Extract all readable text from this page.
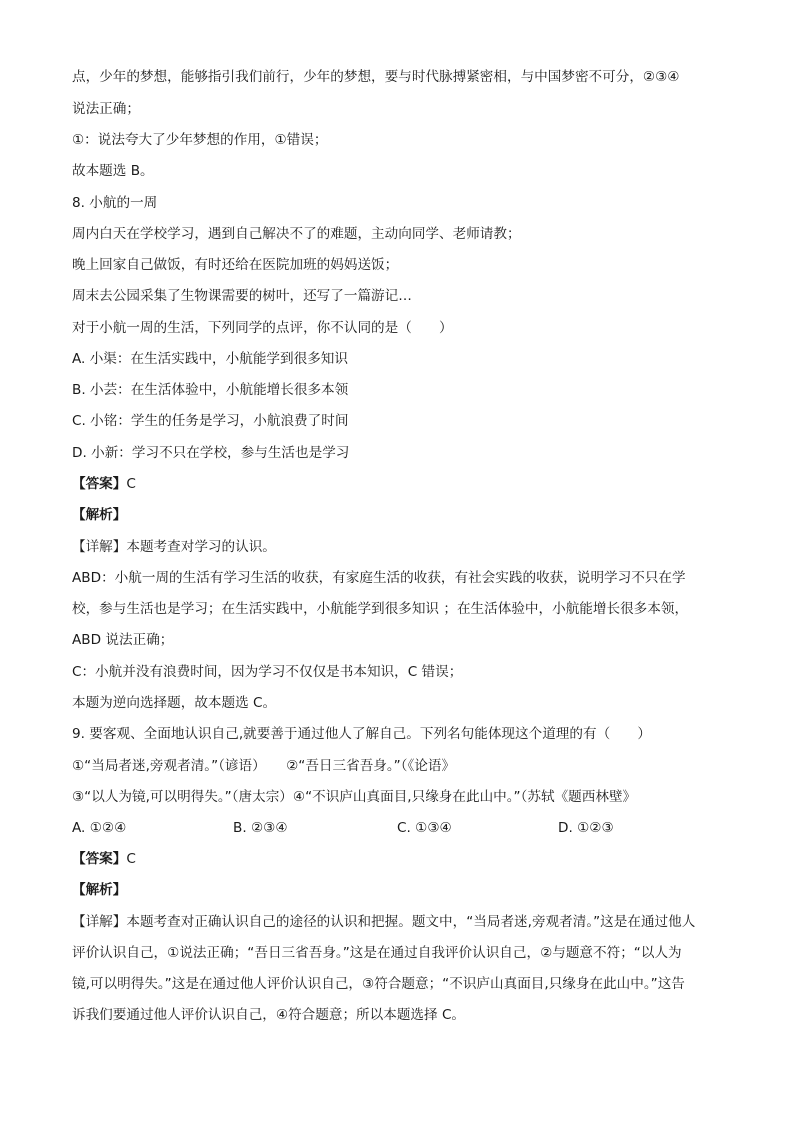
点，少年的梦想，能够指引我们前行，少年的梦想，要与时代脉搏紧密相，与中国梦密不可分，②③④
说法正确；
①：说法夸大了少年梦想的作用，①错误；
故本题选 B。
8. 小航的一周
周内白天在学校学习，遇到自己解决不了的难题，主动向同学、老师请教；
晚上回家自己做饭，有时还给在医院加班的妈妈送饭；
周末去公园采集了生物课需要的树叶，还写了一篇游记…
对于小航一周的生活，下列同学的点评，你不认同的是（　　）
A. 小渠：在生活实践中，小航能学到很多知识
B. 小芸：在生活体验中，小航能增长很多本领
C. 小铭：学生的任务是学习，小航浪费了时间
D. 小新：学习不只在学校，参与生活也是学习
【答案】C
【解析】
【详解】本题考查对学习的认识。
ABD：小航一周的生活有学习生活的收获，有家庭生活的收获，有社会实践的收获，说明学习不只在学
校，参与生活也是学习；在生活实践中，小航能学到很多知识 ；在生活体验中，小航能增长很多本领，
ABD 说法正确；
C：小航并没有浪费时间，因为学习不仅仅是书本知识，C 错误；
本题为逆向选择题，故本题选 C。
9. 要客观、全面地认识自己,就要善于通过他人了解自己。下列名句能体现这个道理的有（　　）
①“当局者迷,旁观者清。”（谚语）　　②“吾日三省吾身。”（《论语》
③“以人为镜,可以明得失。”（唐太宗）④“不识庐山真面目,只缘身在此山中。”（苏轼《题西林壁》
A. ①②④	B. ②③④	C. ①③④	D. ①②③
【答案】C
【解析】
【详解】本题考查对正确认识自己的途径的认识和把握。题文中，“当局者迷,旁观者清。”这是在通过他人
评价认识自己，①说法正确；“吾日三省吾身。”这是在通过自我评价认识自己，②与题意不符；“以人为
镜,可以明得失。”这是在通过他人评价认识自己，③符合题意；“不识庐山真面目,只缘身在此山中。”这告
诉我们要通过他人评价认识自己，④符合题意；所以本题选择 C。
